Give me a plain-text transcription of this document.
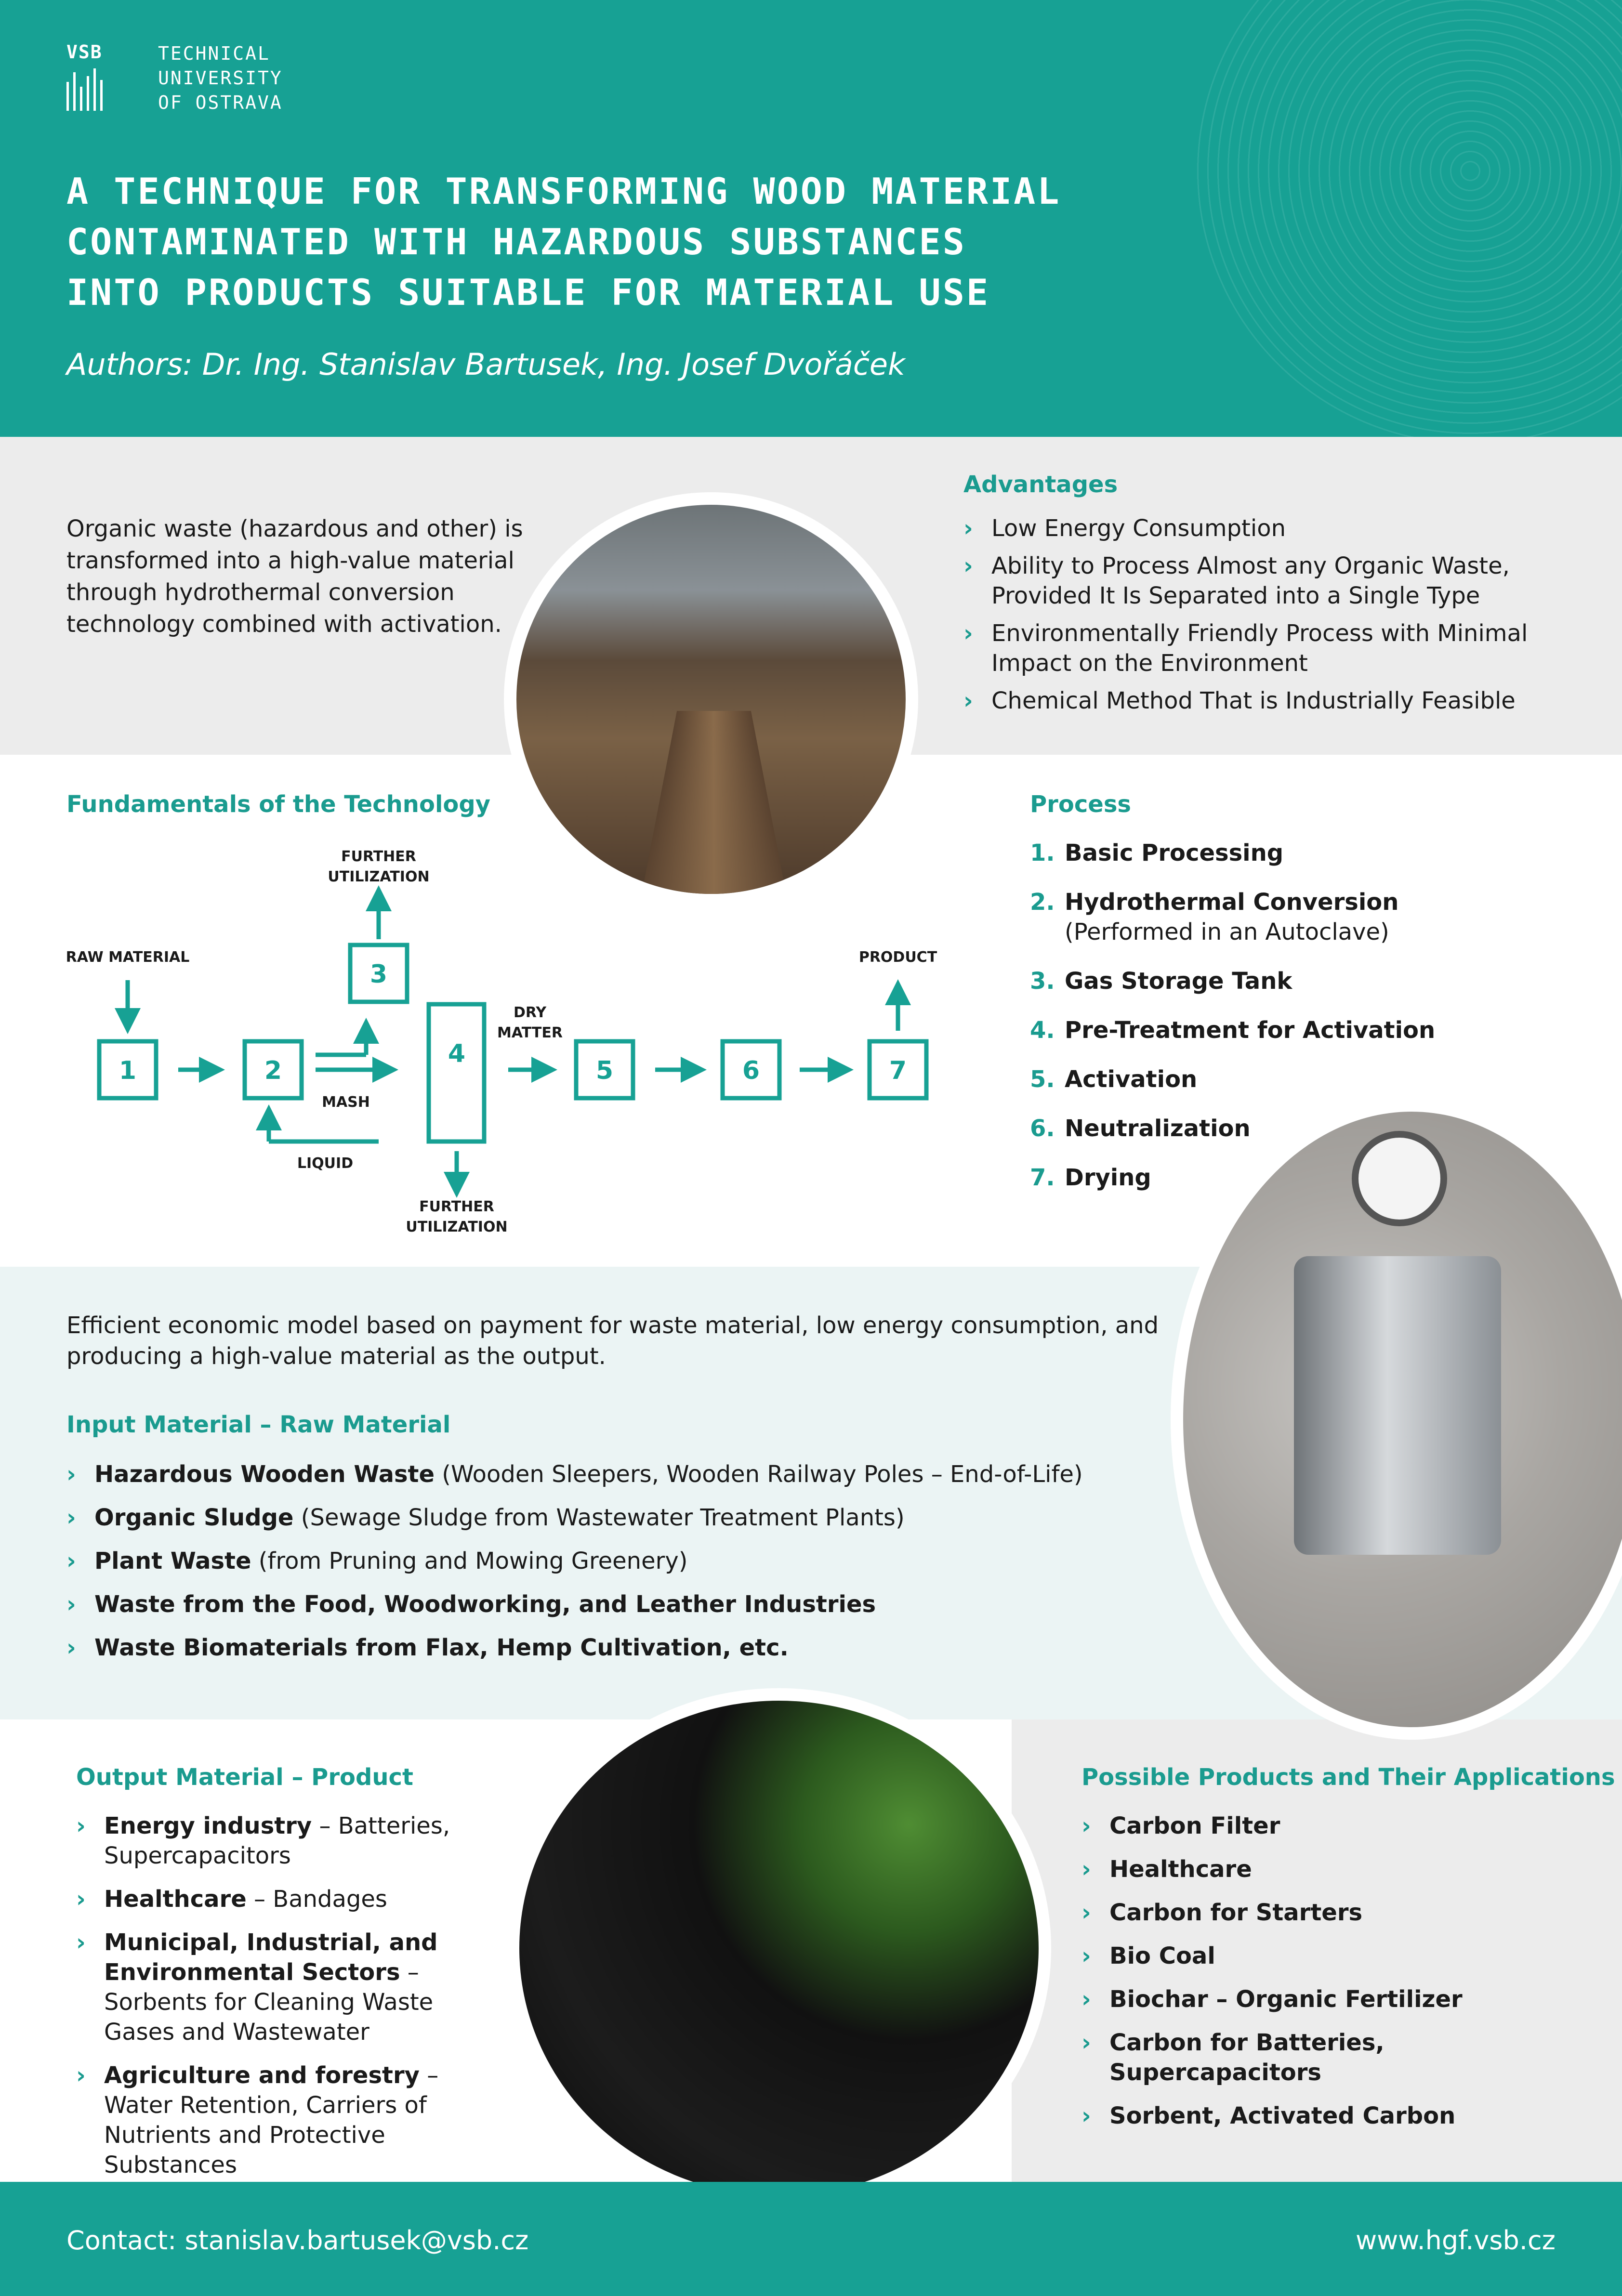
VSB	TECHNICAL
UNIVERSITY
OF OSTRAVA
A TECHNIQUE FOR TRANSFORMING WOOD MATERIAL
CONTAMINATED WITH HAZARDOUS SUBSTANCES
INTO PRODUCTS SUITABLE FOR MATERIAL USE
Authors: Dr. Ing. Stanislav Bartusek, Ing. Josef Dvořáček
Organic waste (hazardous and other) is transformed into a high-value material through hydrothermal conversion technology combined with activation.
Advantages
› Low Energy Consumption
› Ability to Process Almost any Organic Waste, Provided It Is Separated into a Single Type
› Environmentally Friendly Process with Minimal Impact on the Environment
› Chemical Method That is Industrially Feasible
Fundamentals of the Technology
1	2
3
4
5	6	7
RAW MATERIAL
FURTHER
UTILIZATION
MASH
LIQUID
FURTHER
UTILIZATION
DRY
MATTER
PRODUCT
Process
1. Basic Processing
2. Hydrothermal Conversion
(Performed in an Autoclave)
3. Gas Storage Tank
4. Pre-Treatment for Activation
5. Activation
6. Neutralization
7. Drying
Efficient economic model based on payment for waste material, low energy consumption, and producing a high-value material as the output.
Input Material – Raw Material
› Hazardous Wooden Waste (Wooden Sleepers, Wooden Railway Poles – End-of-Life)
› Organic Sludge (Sewage Sludge from Wastewater Treatment Plants)
› Plant Waste (from Pruning and Mowing Greenery)
› Waste from the Food, Woodworking, and Leather Industries
› Waste Biomaterials from Flax, Hemp Cultivation, etc.
Output Material – Product
› Energy industry – Batteries, Supercapacitors
› Healthcare – Bandages
› Municipal, Industrial, and Environmental Sectors – Sorbents for Cleaning Waste Gases and Wastewater
› Agriculture and forestry – Water Retention, Carriers of Nutrients and Protective Substances
Possible Products and Their Applications
› Carbon Filter
› Healthcare
› Carbon for Starters
› Bio Coal
› Biochar – Organic Fertilizer
› Carbon for Batteries, Supercapacitors
› Sorbent, Activated Carbon
Contact: stanislav.bartusek@vsb.cz	www.hgf.vsb.cz
